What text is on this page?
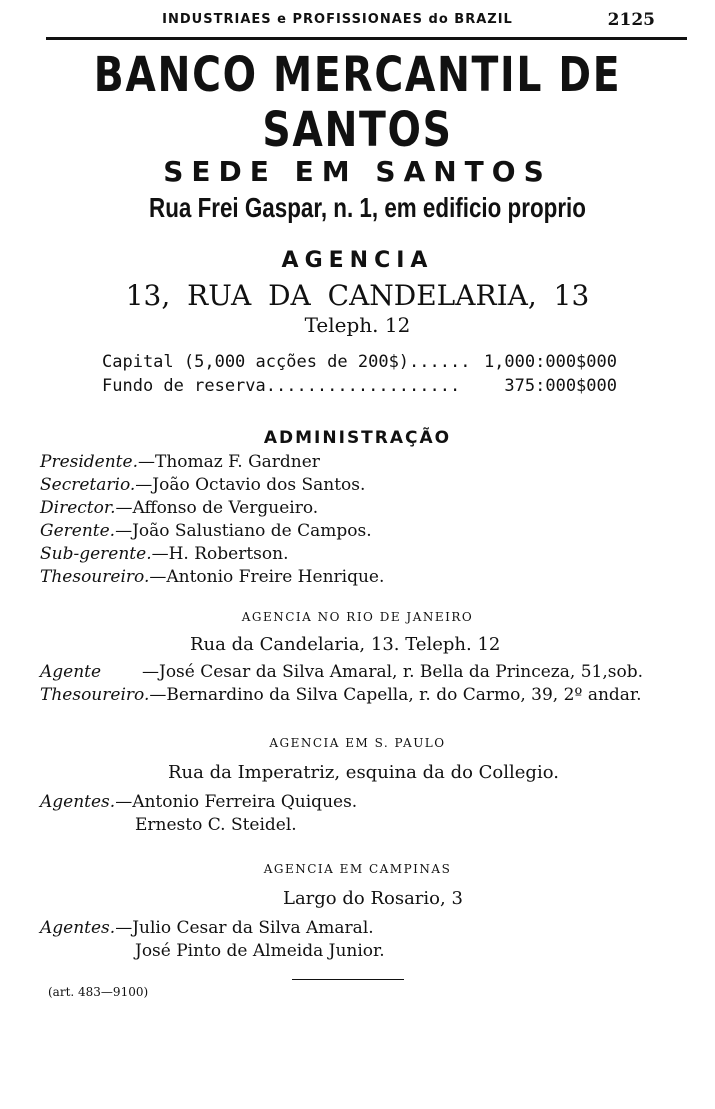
INDUSTRIAES e PROFISSIONAES do BRAZIL	2125
BANCO MERCANTIL DE SANTOS
SEDE EM SANTOS
Rua Frei Gaspar, n. 1, em edificio proprio
AGENCIA
13, RUA DA CANDELARIA, 13
Teleph. 12
Capital (5,000 acções de 200$)...... 1,000:000$000
Fundo de reserva...................	375:000$000
ADMINISTRAÇÃO
Presidente.—Thomaz F. Gardner
Secretario.—João Octavio dos Santos.
Director.—Affonso de Vergueiro.
Gerente.—João Salustiano de Campos.
Sub-gerente.—H. Robertson.
Thesoureiro.—Antonio Freire Henrique.
AGENCIA NO RIO DE JANEIRO
Rua da Candelaria, 13. Teleph. 12
Agente —José Cesar da Silva Amaral, r. Bella da Princeza, 51,sob.
Thesoureiro.—Bernardino da Silva Capella, r. do Carmo, 39, 2º andar.
AGENCIA EM S. PAULO
Rua da Imperatriz, esquina da do Collegio.
Agentes.—Antonio Ferreira Quiques.
Ernesto C. Steidel.
AGENCIA EM CAMPINAS
Largo do Rosario, 3
Agentes.—Julio Cesar da Silva Amaral.
José Pinto de Almeida Junior.
(art. 483—9100)
